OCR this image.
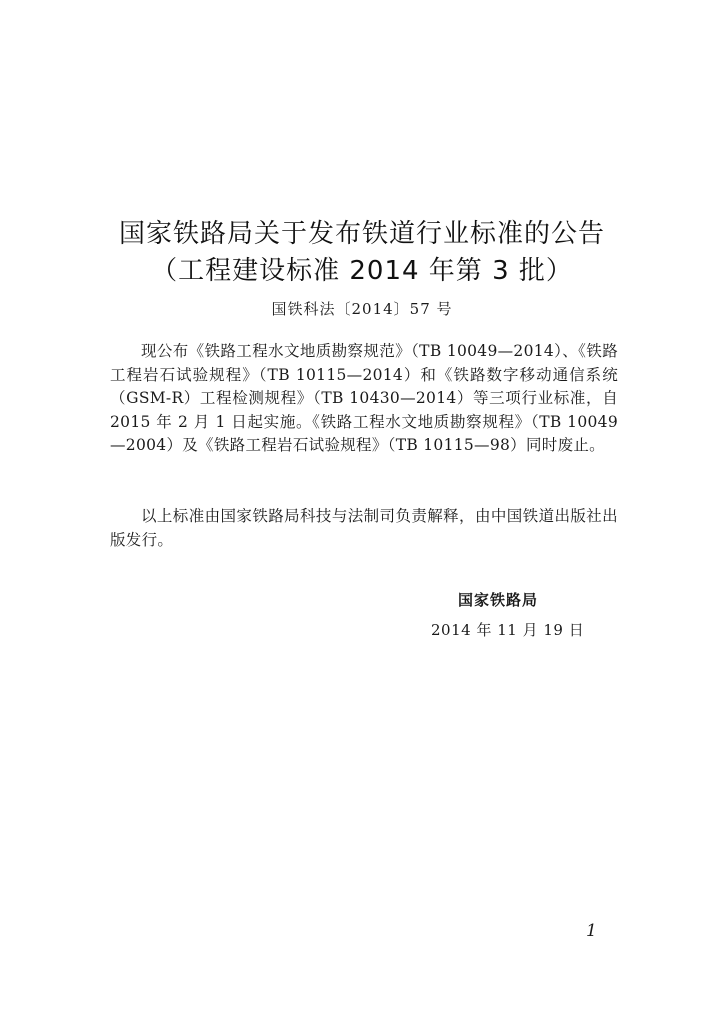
国家铁路局关于发布铁道行业标准的公告
（工程建设标准 2014 年第 3 批）
国铁科法〔2014〕57 号

现公布《铁路工程水文地质勘察规范》（TB 10049—2014）、《铁路工程岩石试验规程》（TB 10115—2014）和《铁路数字移动通信系统（GSM-R）工程检测规程》（TB 10430—2014）等三项行业标准，自 2015 年 2 月 1 日起实施。《铁路工程水文地质勘察规程》（TB 10049—2004）及《铁路工程岩石试验规程》（TB 10115—98）同时废止。

以上标准由国家铁路局科技与法制司负责解释，由中国铁道出版社出版发行。

国家铁路局
2014 年 11 月 19 日
1
